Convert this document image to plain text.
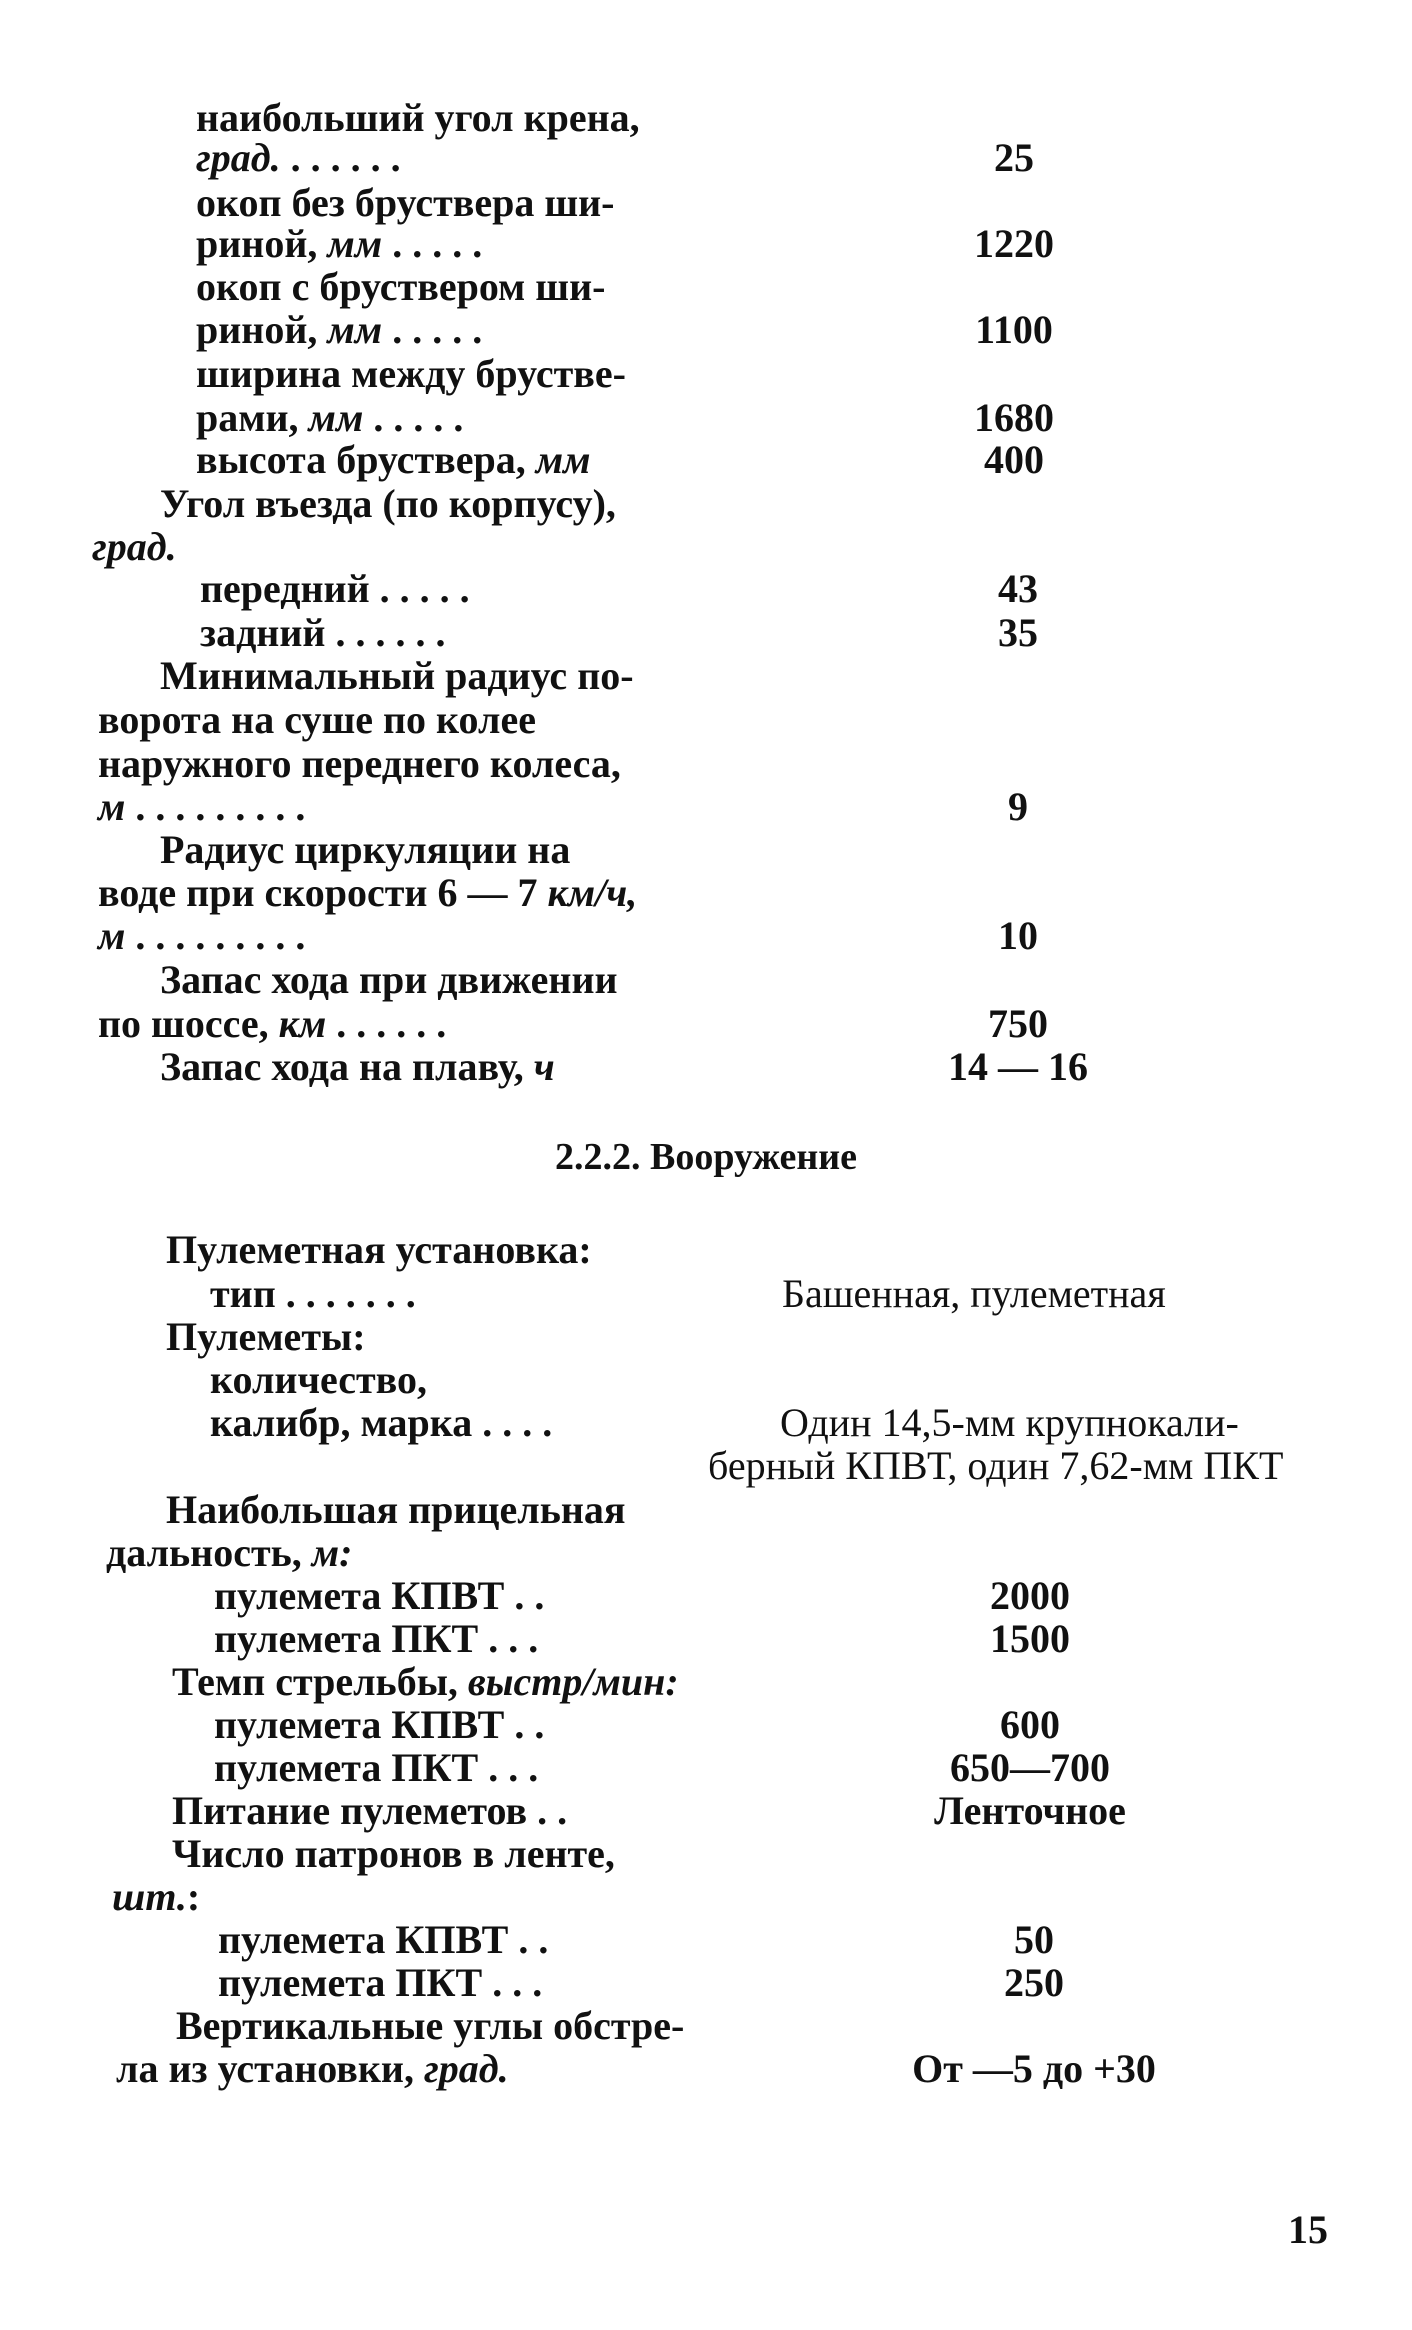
наибольший угол крена,
град. . . . . . .	25
окоп без бруствера ши-
риной, мм . . . . .	1220
окоп с бруствером ши-
риной, мм . . . . .	1100
ширина между брустве-
рами, мм . . . . .	1680
высота бруствера, мм	400
Угол въезда (по корпусу),
град.
передний . . . . .	43
задний . . . . . .	35
Минимальный радиус по-
ворота на суше по колее
наружного переднего колеса,
м . . . . . . . . .	9
Радиус циркуляции на
воде при скорости 6 — 7 км/ч,
м . . . . . . . . .	10
Запас хода при движении
по шоссе, км . . . . . .	750
Запас хода на плаву, ч	14 — 16
2.2.2. Вооружение
Пулеметная установка:
тип . . . . . . .	Башенная, пулеметная
Пулеметы:
количество,
калибр, марка . . . .	Один 14,5-мм крупнокали-
берный КПВТ, один 7,62-мм ПКТ
Наибольшая прицельная
дальность, м:
пулемета КПВТ . .	2000
пулемета ПКТ . . .	1500
Темп стрельбы, выстр/мин:
пулемета КПВТ . .	600
пулемета ПКТ . . .	650—700
Питание пулеметов . .	Ленточное
Число патронов в ленте,
шт.:
пулемета КПВТ . .	50
пулемета ПКТ . . .	250
Вертикальные углы обстре-
ла из установки, град.	От —5 до +30
15
